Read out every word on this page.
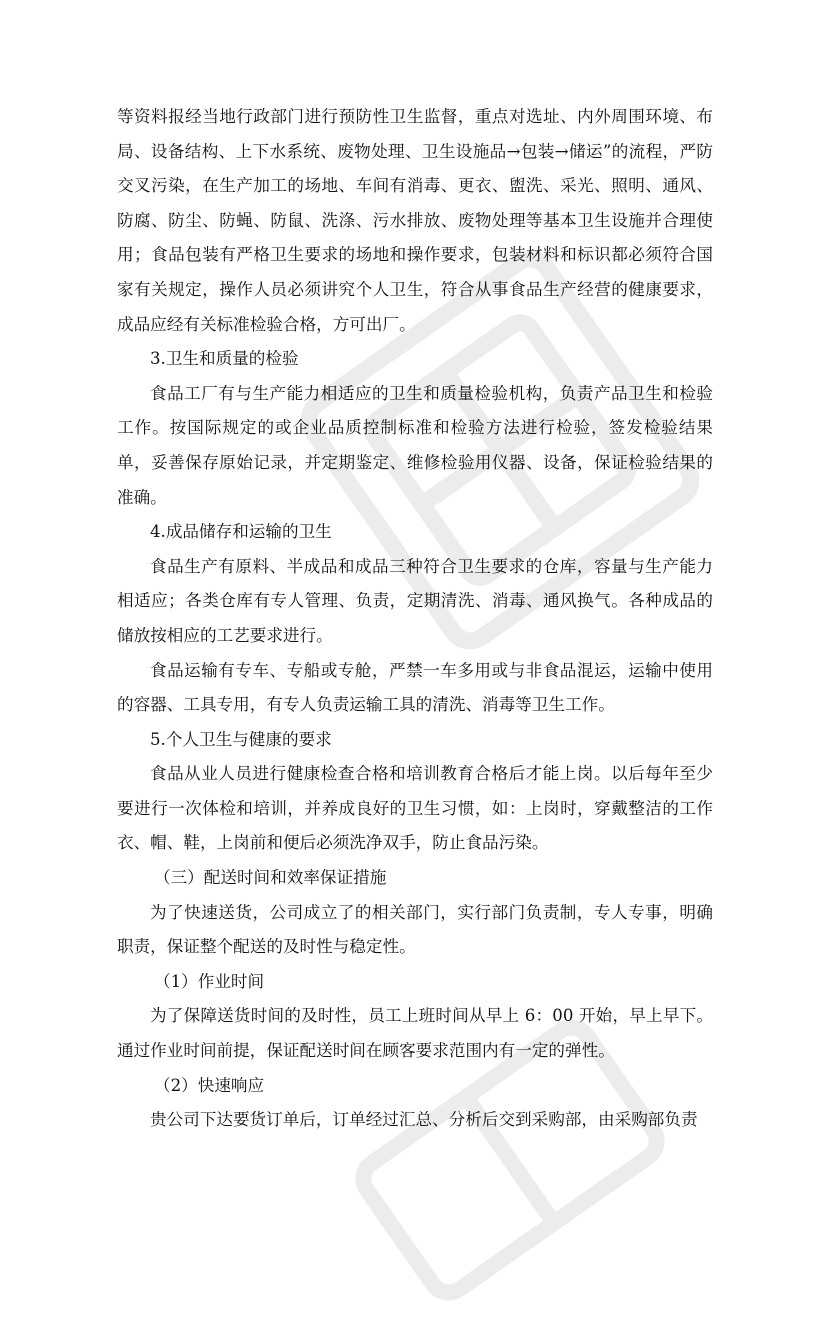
等资料报经当地行政部门进行预防性卫生监督，重点对选址、内外周围环境、布局、设备结构、上下水系统、废物处理、卫生设施品→包装→储运”的流程，严防交叉污染，在生产加工的场地、车间有消毒、更衣、盥洗、采光、照明、通风、防腐、防尘、防蝇、防鼠、洗涤、污水排放、废物处理等基本卫生设施并合理使用；食品包装有严格卫生要求的场地和操作要求，包装材料和标识都必须符合国家有关规定，操作人员必须讲究个人卫生，符合从事食品生产经营的健康要求，成品应经有关标准检验合格，方可出厂。

3.卫生和质量的检验

食品工厂有与生产能力相适应的卫生和质量检验机构，负责产品卫生和检验工作。按国际规定的或企业品质控制标准和检验方法进行检验，签发检验结果单，妥善保存原始记录，并定期鉴定、维修检验用仪器、设备，保证检验结果的准确。

4.成品储存和运输的卫生

食品生产有原料、半成品和成品三种符合卫生要求的仓库，容量与生产能力相适应；各类仓库有专人管理、负责，定期清洗、消毒、通风换气。各种成品的储放按相应的工艺要求进行。

食品运输有专车、专船或专舱，严禁一车多用或与非食品混运，运输中使用的容器、工具专用，有专人负责运输工具的清洗、消毒等卫生工作。

5.个人卫生与健康的要求

食品从业人员进行健康检查合格和培训教育合格后才能上岗。以后每年至少要进行一次体检和培训，并养成良好的卫生习惯，如：上岗时，穿戴整洁的工作衣、帽、鞋，上岗前和便后必须洗净双手，防止食品污染。

（三）配送时间和效率保证措施

为了快速送货，公司成立了的相关部门，实行部门负责制，专人专事，明确职责，保证整个配送的及时性与稳定性。

（1）作业时间

为了保障送货时间的及时性，员工上班时间从早上 6：00 开始，早上早下。通过作业时间前提，保证配送时间在顾客要求范围内有一定的弹性。

（2）快速响应

贵公司下达要货订单后，订单经过汇总、分析后交到采购部，由采购部负责
